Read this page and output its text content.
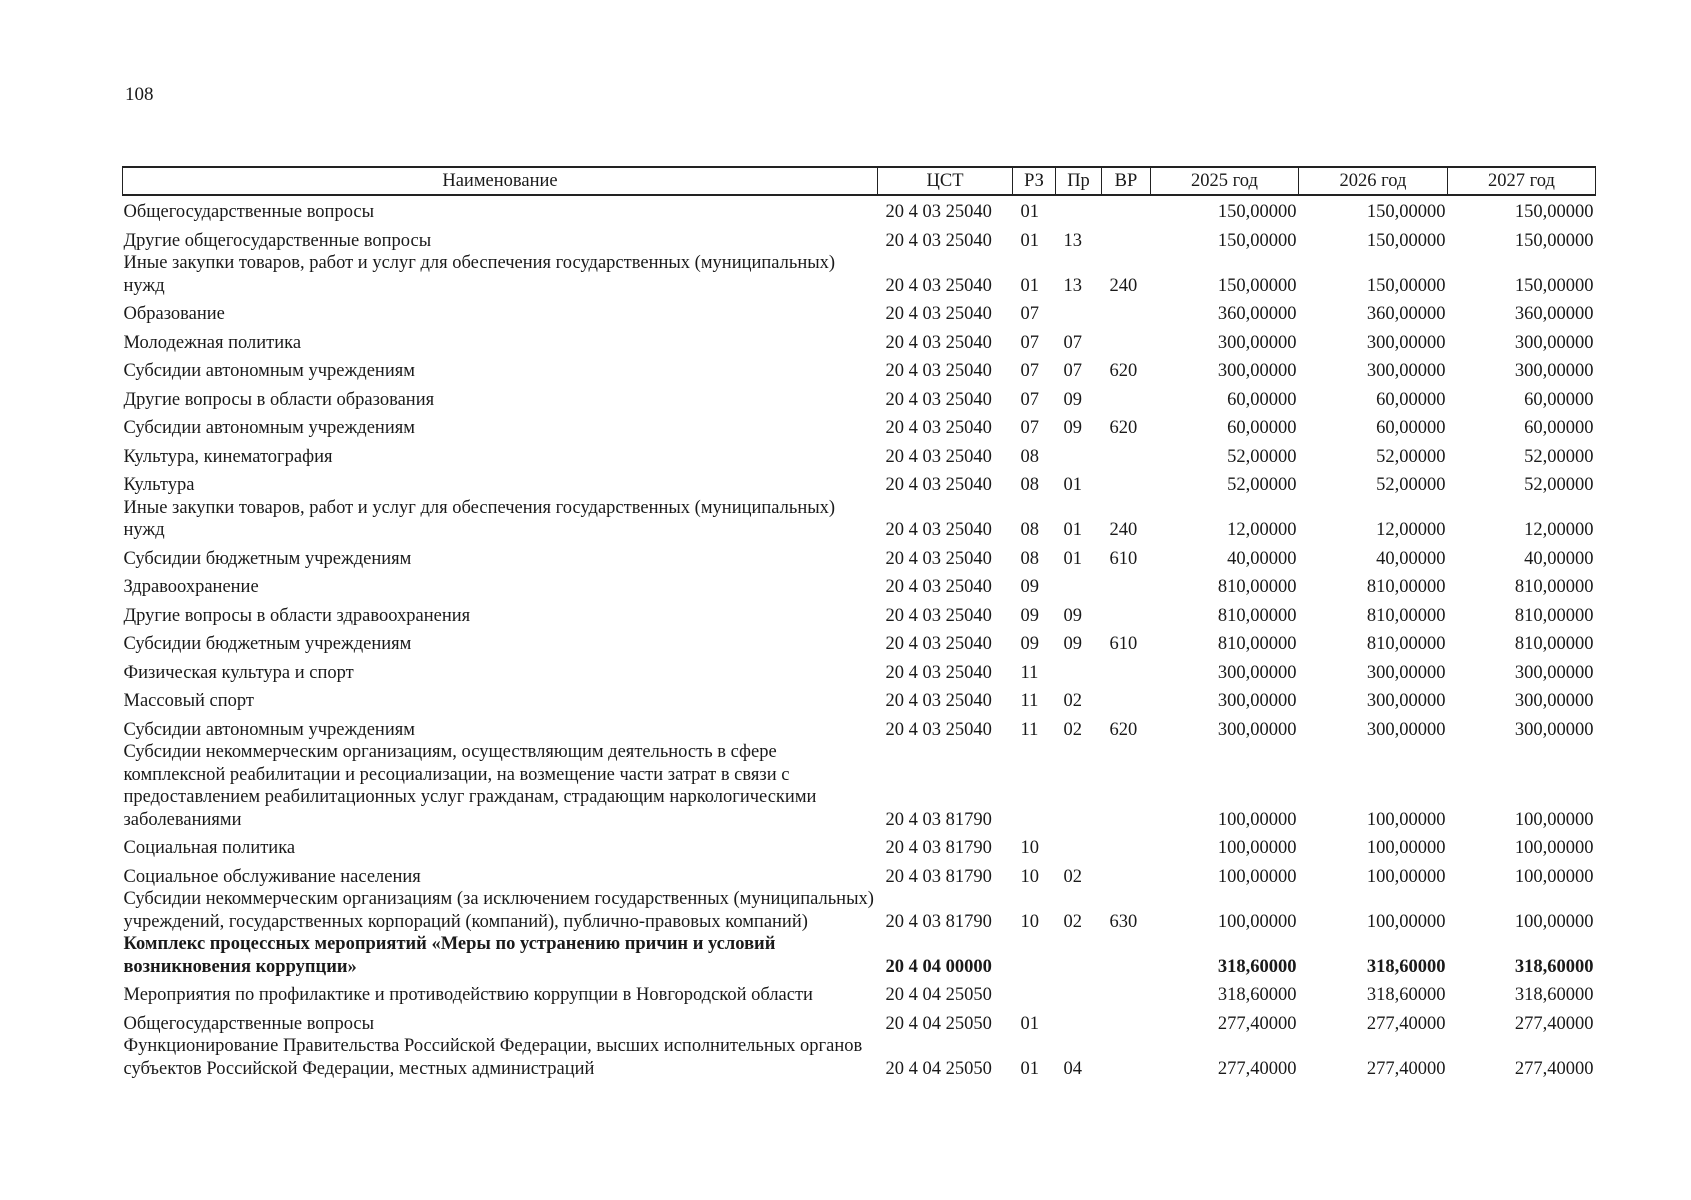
108
Наименование	ЦСТ	РЗ	Пр	ВР	2025 год	2026 год	2027 год
Общегосударственные вопросы	20 4 03 25040	01			150,00000	150,00000	150,00000
Другие общегосударственные вопросы	20 4 03 25040	01	13		150,00000	150,00000	150,00000
Иные закупки товаров, работ и услуг для обеспечения государственных (муниципальных) нужд	20 4 03 25040	01	13	240	150,00000	150,00000	150,00000
Образование	20 4 03 25040	07			360,00000	360,00000	360,00000
Молодежная политика	20 4 03 25040	07	07		300,00000	300,00000	300,00000
Субсидии автономным учреждениям	20 4 03 25040	07	07	620	300,00000	300,00000	300,00000
Другие вопросы в области образования	20 4 03 25040	07	09		60,00000	60,00000	60,00000
Субсидии автономным учреждениям	20 4 03 25040	07	09	620	60,00000	60,00000	60,00000
Культура, кинематография	20 4 03 25040	08			52,00000	52,00000	52,00000
Культура	20 4 03 25040	08	01		52,00000	52,00000	52,00000
Иные закупки товаров, работ и услуг для обеспечения государственных (муниципальных) нужд	20 4 03 25040	08	01	240	12,00000	12,00000	12,00000
Субсидии бюджетным учреждениям	20 4 03 25040	08	01	610	40,00000	40,00000	40,00000
Здравоохранение	20 4 03 25040	09			810,00000	810,00000	810,00000
Другие вопросы в области здравоохранения	20 4 03 25040	09	09		810,00000	810,00000	810,00000
Субсидии бюджетным учреждениям	20 4 03 25040	09	09	610	810,00000	810,00000	810,00000
Физическая культура и спорт	20 4 03 25040	11			300,00000	300,00000	300,00000
Массовый спорт	20 4 03 25040	11	02		300,00000	300,00000	300,00000
Субсидии автономным учреждениям	20 4 03 25040	11	02	620	300,00000	300,00000	300,00000
Субсидии некоммерческим организациям, осуществляющим деятельность в сфере комплексной реабилитации и ресоциализации, на возмещение части затрат в связи с предоставлением реабилитационных услуг гражданам, страдающим наркологическими заболеваниями	20 4 03 81790				100,00000	100,00000	100,00000
Социальная политика	20 4 03 81790	10			100,00000	100,00000	100,00000
Социальное обслуживание населения	20 4 03 81790	10	02		100,00000	100,00000	100,00000
Субсидии некоммерческим организациям (за исключением государственных (муниципальных) учреждений, государственных корпораций (компаний), публично-правовых компаний)	20 4 03 81790	10	02	630	100,00000	100,00000	100,00000
Комплекс процессных мероприятий «Меры по устранению причин и условий возникновения коррупции»	20 4 04 00000				318,60000	318,60000	318,60000
Мероприятия по профилактике и противодействию коррупции в Новгородской области	20 4 04 25050				318,60000	318,60000	318,60000
Общегосударственные вопросы	20 4 04 25050	01			277,40000	277,40000	277,40000
Функционирование Правительства Российской Федерации, высших исполнительных органов субъектов Российской Федерации, местных администраций	20 4 04 25050	01	04		277,40000	277,40000	277,40000
